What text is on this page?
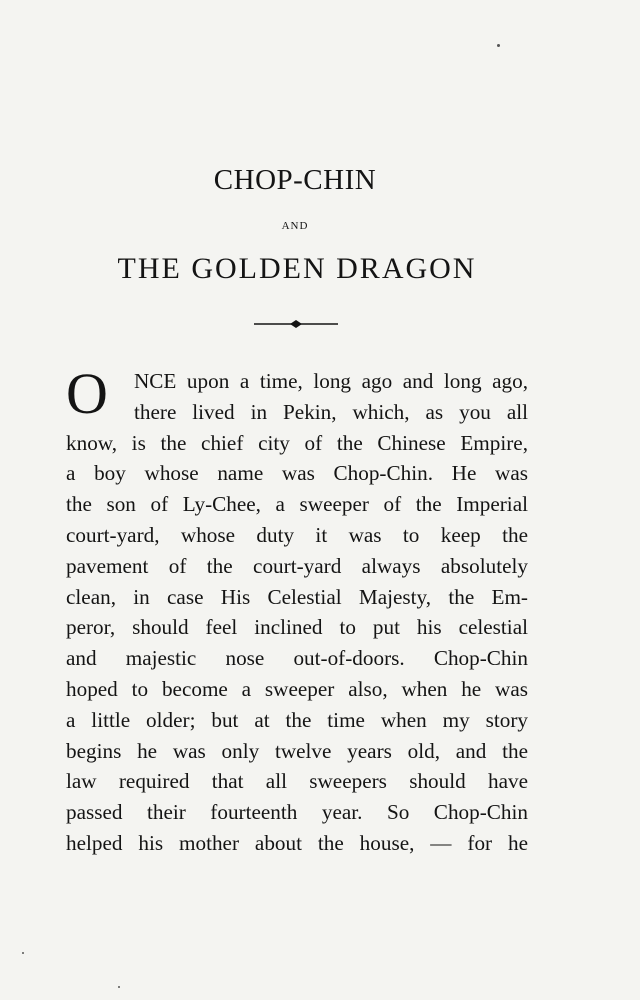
CHOP-CHIN
AND
THE GOLDEN DRAGON
O	NCE upon a time, long ago and long ago,
there lived in Pekin, which, as you all
know, is the chief city of the Chinese Empire,
a boy whose name was Chop-Chin. He was
the son of Ly-Chee, a sweeper of the Imperial
court-yard, whose duty it was to keep the
pavement of the court-yard always absolutely
clean, in case His Celestial Majesty, the Em-
peror, should feel inclined to put his celestial
and majestic nose out-of-doors. Chop-Chin
hoped to become a sweeper also, when he was
a little older; but at the time when my story
begins he was only twelve years old, and the
law required that all sweepers should have
passed their fourteenth year. So Chop-Chin
helped his mother about the house, — for he
